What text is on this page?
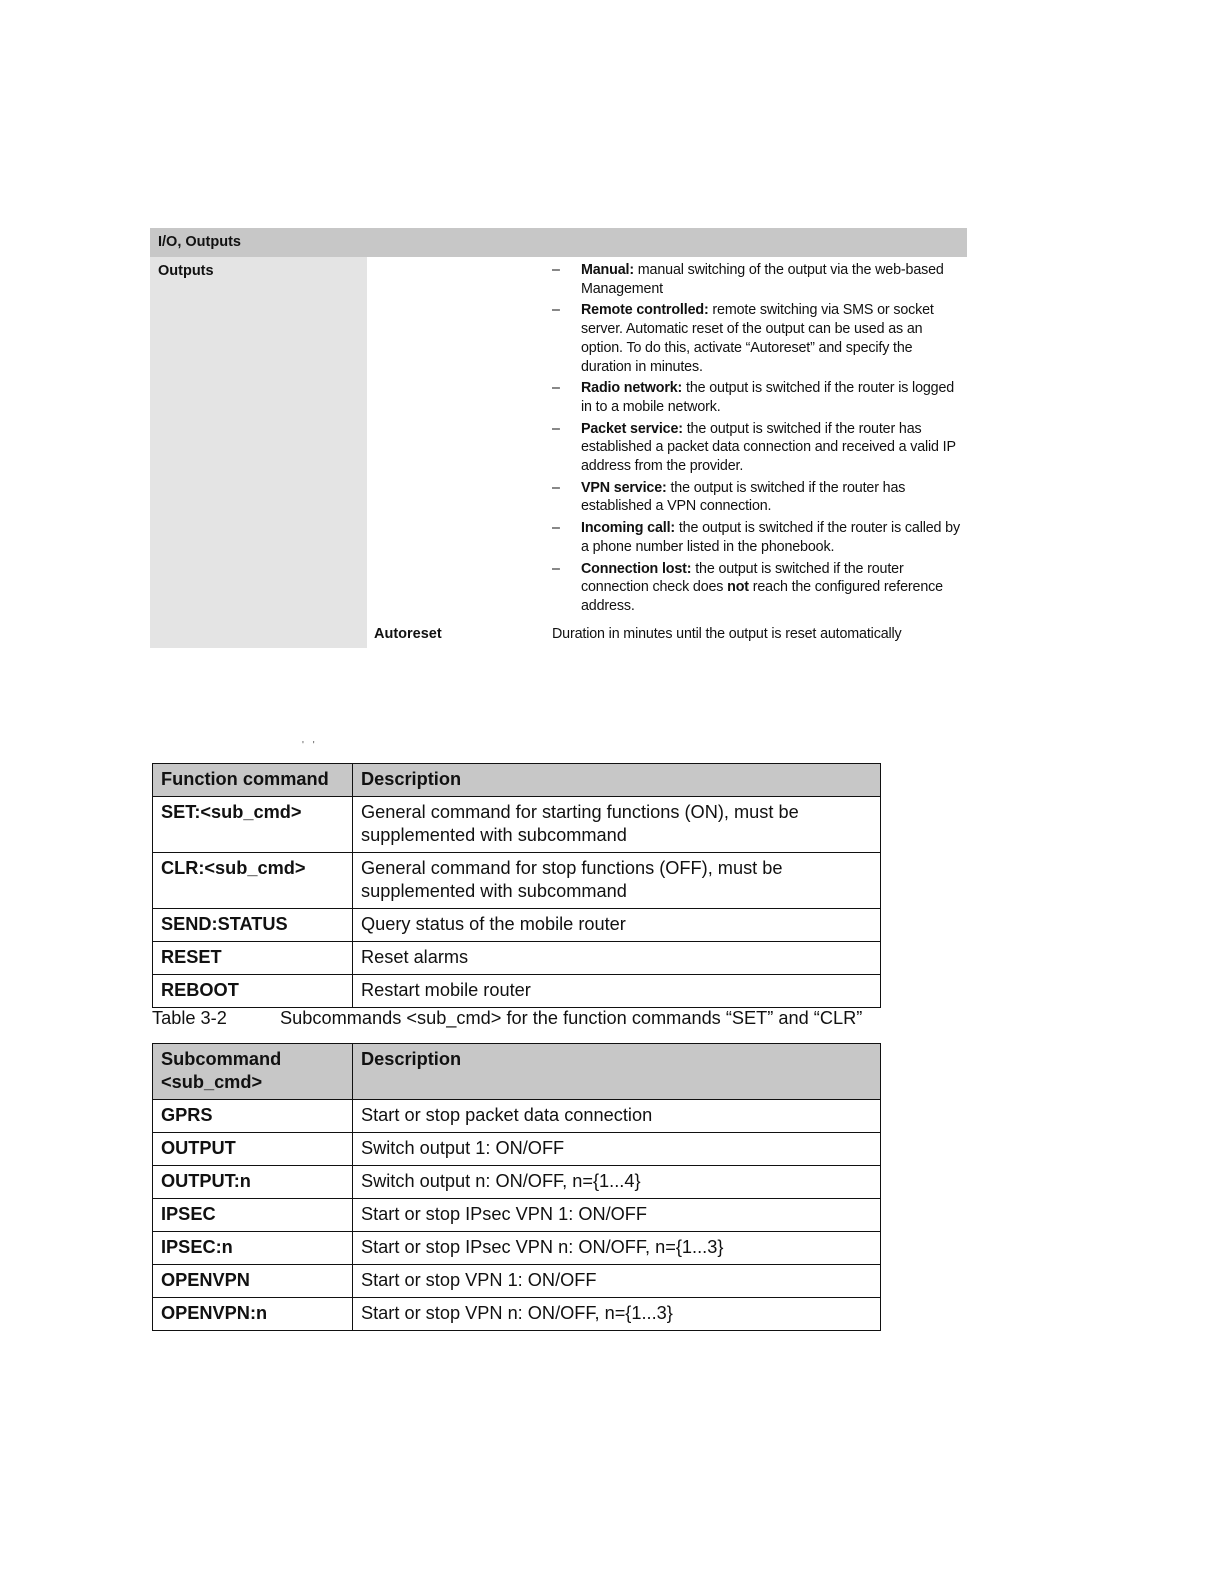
I/O, Outputs
Outputs	– Manual: manual switching of the output via the web-based Management
– Remote controlled: remote switching via SMS or socket server. Automatic reset of the output can be used as an option. To do this, activate “Autoreset” and specify the duration in minutes.
– Radio network: the output is switched if the router is logged in to a mobile network.
– Packet service: the output is switched if the router has established a packet data connection and received a valid IP address from the provider.
– VPN service: the output is switched if the router has established a VPN connection.
– Incoming call: the output is switched if the router is called by a phone number listed in the phonebook.
– Connection lost: the output is switched if the router connection check does not reach the configured reference address.
Autoreset	Duration in minutes until the output is reset automatically
' '
Function command	Description
SET:<sub_cmd>	General command for starting functions (ON), must be supplemented with subcommand
CLR:<sub_cmd>	General command for stop functions (OFF), must be supplemented with subcommand
SEND:STATUS	Query status of the mobile router
RESET	Reset alarms
REBOOT	Restart mobile router
Table 3-2	Subcommands <sub_cmd> for the function commands “SET” and “CLR”
Subcommand <sub_cmd>	Description
GPRS	Start or stop packet data connection
OUTPUT	Switch output 1: ON/OFF
OUTPUT:n	Switch output n: ON/OFF, n={1...4}
IPSEC	Start or stop IPsec VPN 1: ON/OFF
IPSEC:n	Start or stop IPsec VPN n: ON/OFF, n={1...3}
OPENVPN	Start or stop VPN 1: ON/OFF
OPENVPN:n	Start or stop VPN n: ON/OFF, n={1...3}
